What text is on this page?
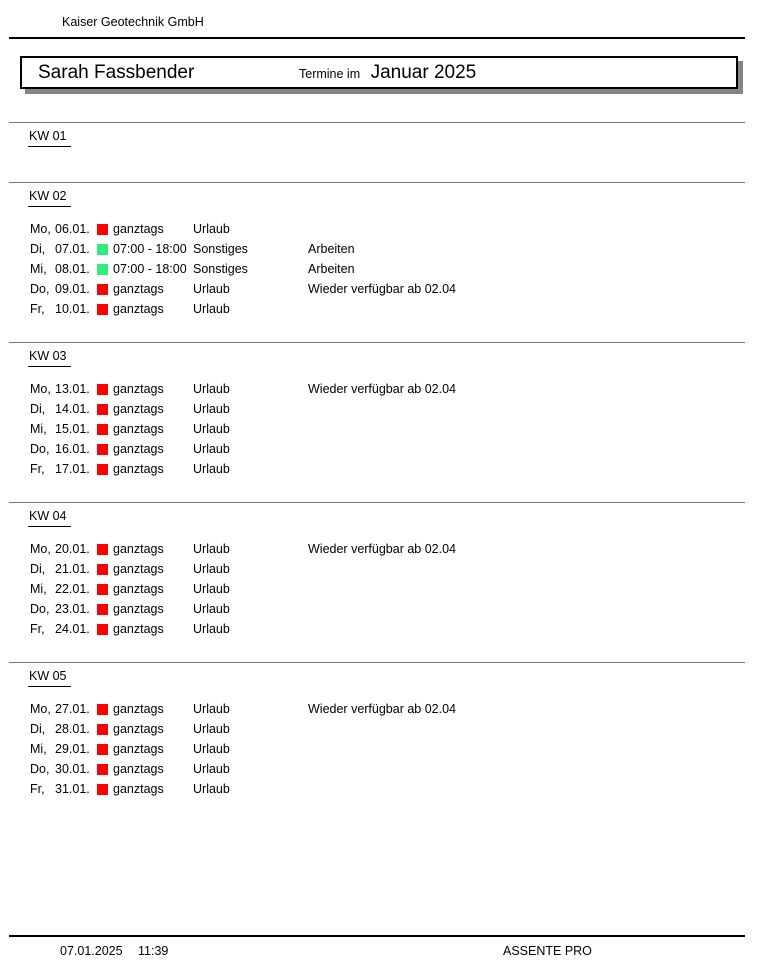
Kaiser Geotechnik GmbH
Sarah Fassbender	Termine im Januar 2025
KW 01
KW 02
Mo, 06.01.	ganztags	Urlaub
Di, 07.01.	07:00 - 18:00 Sonstiges	Arbeiten
Mi, 08.01.	07:00 - 18:00 Sonstiges	Arbeiten
Do, 09.01.	ganztags	Urlaub	Wieder verfügbar ab 02.04
Fr, 10.01.	ganztags	Urlaub
KW 03
Mo, 13.01.	ganztags	Urlaub	Wieder verfügbar ab 02.04
Di, 14.01.	ganztags	Urlaub
Mi, 15.01.	ganztags	Urlaub
Do, 16.01.	ganztags	Urlaub
Fr, 17.01.	ganztags	Urlaub
KW 04
Mo, 20.01.	ganztags	Urlaub	Wieder verfügbar ab 02.04
Di, 21.01.	ganztags	Urlaub
Mi, 22.01.	ganztags	Urlaub
Do, 23.01.	ganztags	Urlaub
Fr, 24.01.	ganztags	Urlaub
KW 05
Mo, 27.01.	ganztags	Urlaub	Wieder verfügbar ab 02.04
Di, 28.01.	ganztags	Urlaub
Mi, 29.01.	ganztags	Urlaub
Do, 30.01.	ganztags	Urlaub
Fr, 31.01.	ganztags	Urlaub
07.01.2025 11:39	ASSENTE PRO
